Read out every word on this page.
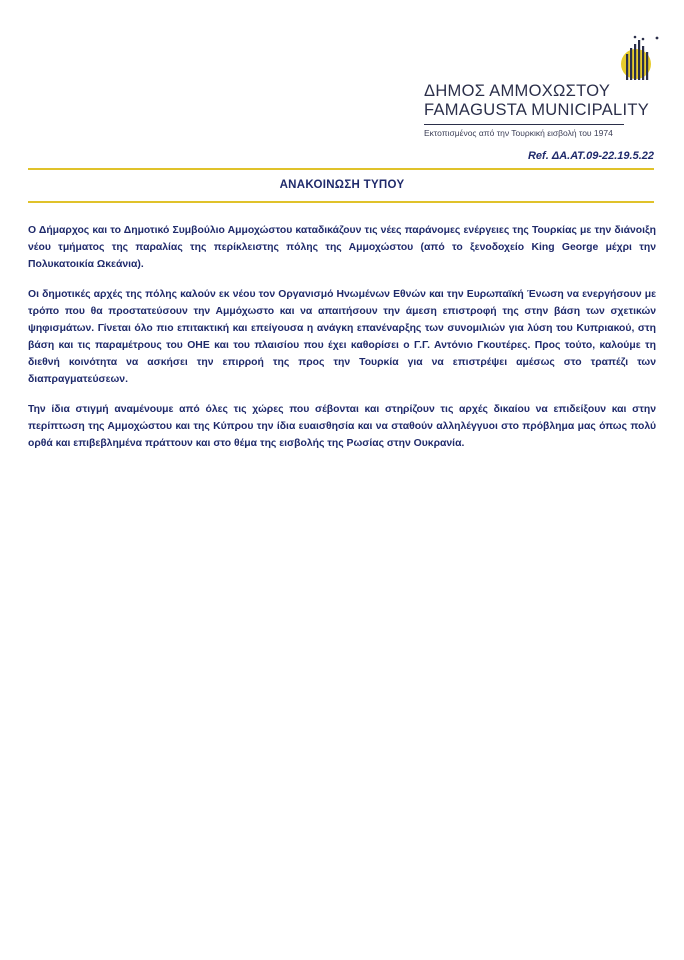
ΔΗΜΟΣ ΑΜΜΟΧΩΣΤΟΥ
FAMAGUSTA MUNICIPALITY
Εκτοπισμένος από την Τουρκική εισβολή του 1974
Ref. ΔΑ.ΑΤ.09-22.19.5.22
ΑΝΑΚΟΙΝΩΣΗ ΤΥΠΟΥ

Ο Δήμαρχος και το Δημοτικό Συμβούλιο Αμμοχώστου καταδικάζουν τις νέες παράνομες ενέργειες της Τουρκίας με την διάνοιξη νέου τμήματος της παραλίας της περίκλειστης πόλης της Αμμοχώστου (από το ξενοδοχείο King George μέχρι την Πολυκατοικία Ωκεάνια).

Οι δημοτικές αρχές της πόλης καλούν εκ νέου τον Οργανισμό Ηνωμένων Εθνών και την Ευρωπαϊκή Ένωση να ενεργήσουν με τρόπο που θα προστατεύσουν την Αμμόχωστο και να απαιτήσουν την άμεση επιστροφή της στην βάση των σχετικών ψηφισμάτων. Γίνεται όλο πιο επιτακτική και επείγουσα η ανάγκη επανέναρξης των συνομιλιών για λύση του Κυπριακού, στη βάση και τις παραμέτρους του ΟΗΕ και του πλαισίου που έχει καθορίσει ο Γ.Γ. Αντόνιο Γκουτέρες. Προς τούτο, καλούμε τη διεθνή κοινότητα να ασκήσει την επιρροή της προς την Τουρκία για να επιστρέψει αμέσως στο τραπέζι των διαπραγματεύσεων.

Την ίδια στιγμή αναμένουμε από όλες τις χώρες που σέβονται και στηρίζουν τις αρχές δικαίου να επιδείξουν και στην περίπτωση της Αμμοχώστου και της Κύπρου την ίδια ευαισθησία και να σταθούν αλληλέγγυοι στο πρόβλημα μας όπως πολύ ορθά και επιβεβλημένα πράττουν και στο θέμα της εισβολής της Ρωσίας στην Ουκρανία.
